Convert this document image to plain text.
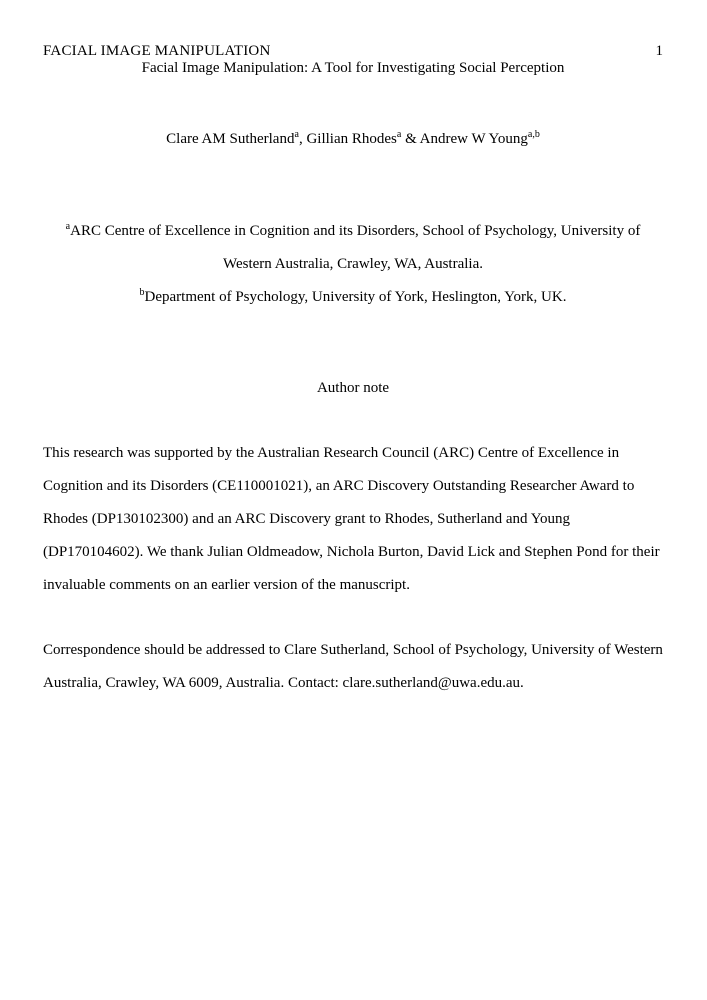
FACIAL IMAGE MANIPULATION	1
Facial Image Manipulation: A Tool for Investigating Social Perception
Clare AM Sutherland$^a$, Gillian Rhodes$^a$ & Andrew W Young$^{a,b}$
$^a$ARC Centre of Excellence in Cognition and its Disorders, School of Psychology, University of Western Australia, Crawley, WA, Australia.
$^b$Department of Psychology, University of York, Heslington, York, UK.
Author note

This research was supported by the Australian Research Council (ARC) Centre of Excellence in Cognition and its Disorders (CE110001021), an ARC Discovery Outstanding Researcher Award to Rhodes (DP130102300) and an ARC Discovery grant to Rhodes, Sutherland and Young (DP170104602). We thank Julian Oldmeadow, Nichola Burton, David Lick and Stephen Pond for their invaluable comments on an earlier version of the manuscript.

Correspondence should be addressed to Clare Sutherland, School of Psychology, University of Western Australia, Crawley, WA 6009, Australia. Contact: clare.sutherland@uwa.edu.au.
